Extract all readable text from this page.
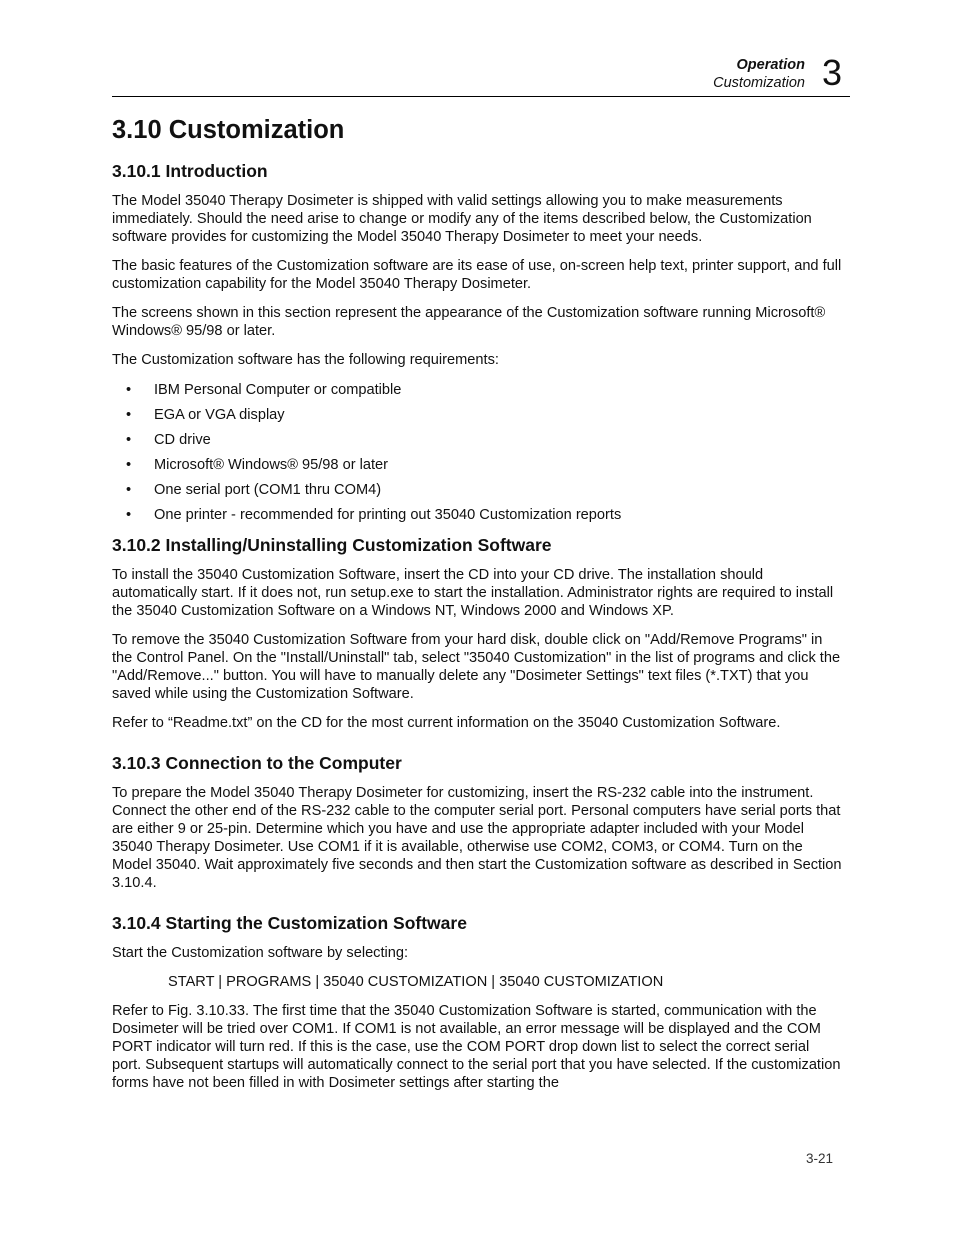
Operation
Customization 3
3.10 Customization
3.10.1 Introduction

The Model 35040 Therapy Dosimeter is shipped with valid settings allowing you to make measurements immediately. Should the need arise to change or modify any of the items described below, the Customization software provides for customizing the Model 35040 Therapy Dosimeter to meet your needs.

The basic features of the Customization software are its ease of use, on-screen help text, printer support, and full customization capability for the Model 35040 Therapy Dosimeter.

The screens shown in this section represent the appearance of the Customization software running Microsoft® Windows® 95/98 or later.

The Customization software has the following requirements:

• IBM Personal Computer or compatible
• EGA or VGA display
• CD drive
• Microsoft® Windows® 95/98 or later
• One serial port (COM1 thru COM4)
• One printer - recommended for printing out 35040 Customization reports
3.10.2 Installing/Uninstalling Customization Software

To install the 35040 Customization Software, insert the CD into your CD drive. The installation should automatically start. If it does not, run setup.exe to start the installation. Administrator rights are required to install the 35040 Customization Software on a Windows NT, Windows 2000 and Windows XP.

To remove the 35040 Customization Software from your hard disk, double click on "Add/Remove Programs" in the Control Panel. On the "Install/Uninstall" tab, select "35040 Customization" in the list of programs and click the "Add/Remove..." button. You will have to manually delete any "Dosimeter Settings" text files (*.TXT) that you saved while using the Customization Software.

Refer to “Readme.txt” on the CD for the most current information on the 35040 Customization Software.

3.10.3 Connection to the Computer

To prepare the Model 35040 Therapy Dosimeter for customizing, insert the RS-232 cable into the instrument. Connect the other end of the RS-232 cable to the computer serial port. Personal computers have serial ports that are either 9 or 25-pin. Determine which you have and use the appropriate adapter included with your Model 35040 Therapy Dosimeter. Use COM1 if it is available, otherwise use COM2, COM3, or COM4. Turn on the Model 35040. Wait approximately five seconds and then start the Customization software as described in Section 3.10.4.

3.10.4 Starting the Customization Software

Start the Customization software by selecting:

START | PROGRAMS | 35040 CUSTOMIZATION | 35040 CUSTOMIZATION

Refer to Fig. 3.10.33. The first time that the 35040 Customization Software is started, communication with the Dosimeter will be tried over COM1. If COM1 is not available, an error message will be displayed and the COM PORT indicator will turn red. If this is the case, use the COM PORT drop down list to select the correct serial port. Subsequent startups will automatically connect to the serial port that you have selected. If the customization forms have not been filled in with Dosimeter settings after starting the

3-21
